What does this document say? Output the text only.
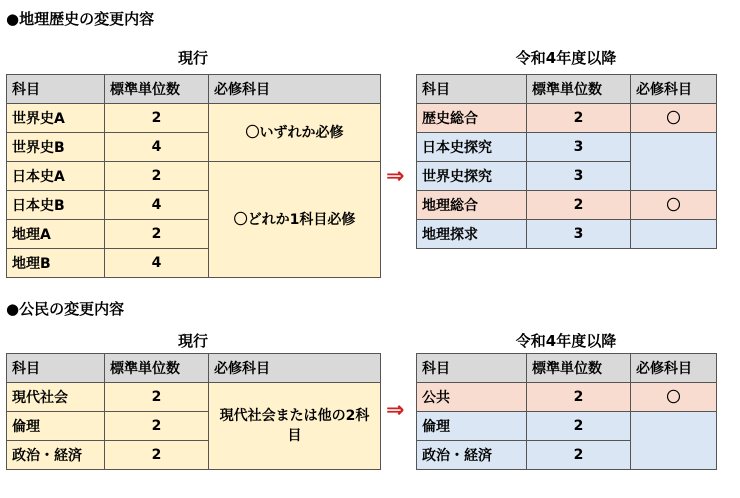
●地理歴史の変更内容
現行	令和4年度以降
科目	標準単位数	必修科目
世界史A	2	〇いずれか必修
世界史B	4	
日本史A	2	〇どれか1科目必修
日本史B	4	
地理A	2	
地理B	4	
⇒
科目	標準単位数	必修科目
歴史総合	2	〇
日本史探究	3	
世界史探究	3	
地理総合	2	〇
地理探求	3	
●公民の変更内容
現行	令和4年度以降
科目	標準単位数	必修科目
現代社会	2	現代社会または他の2科目
倫理	2	
政治・経済	2	
⇒
科目	標準単位数	必修科目
公共	2	〇
倫理	2	
政治・経済	2	
